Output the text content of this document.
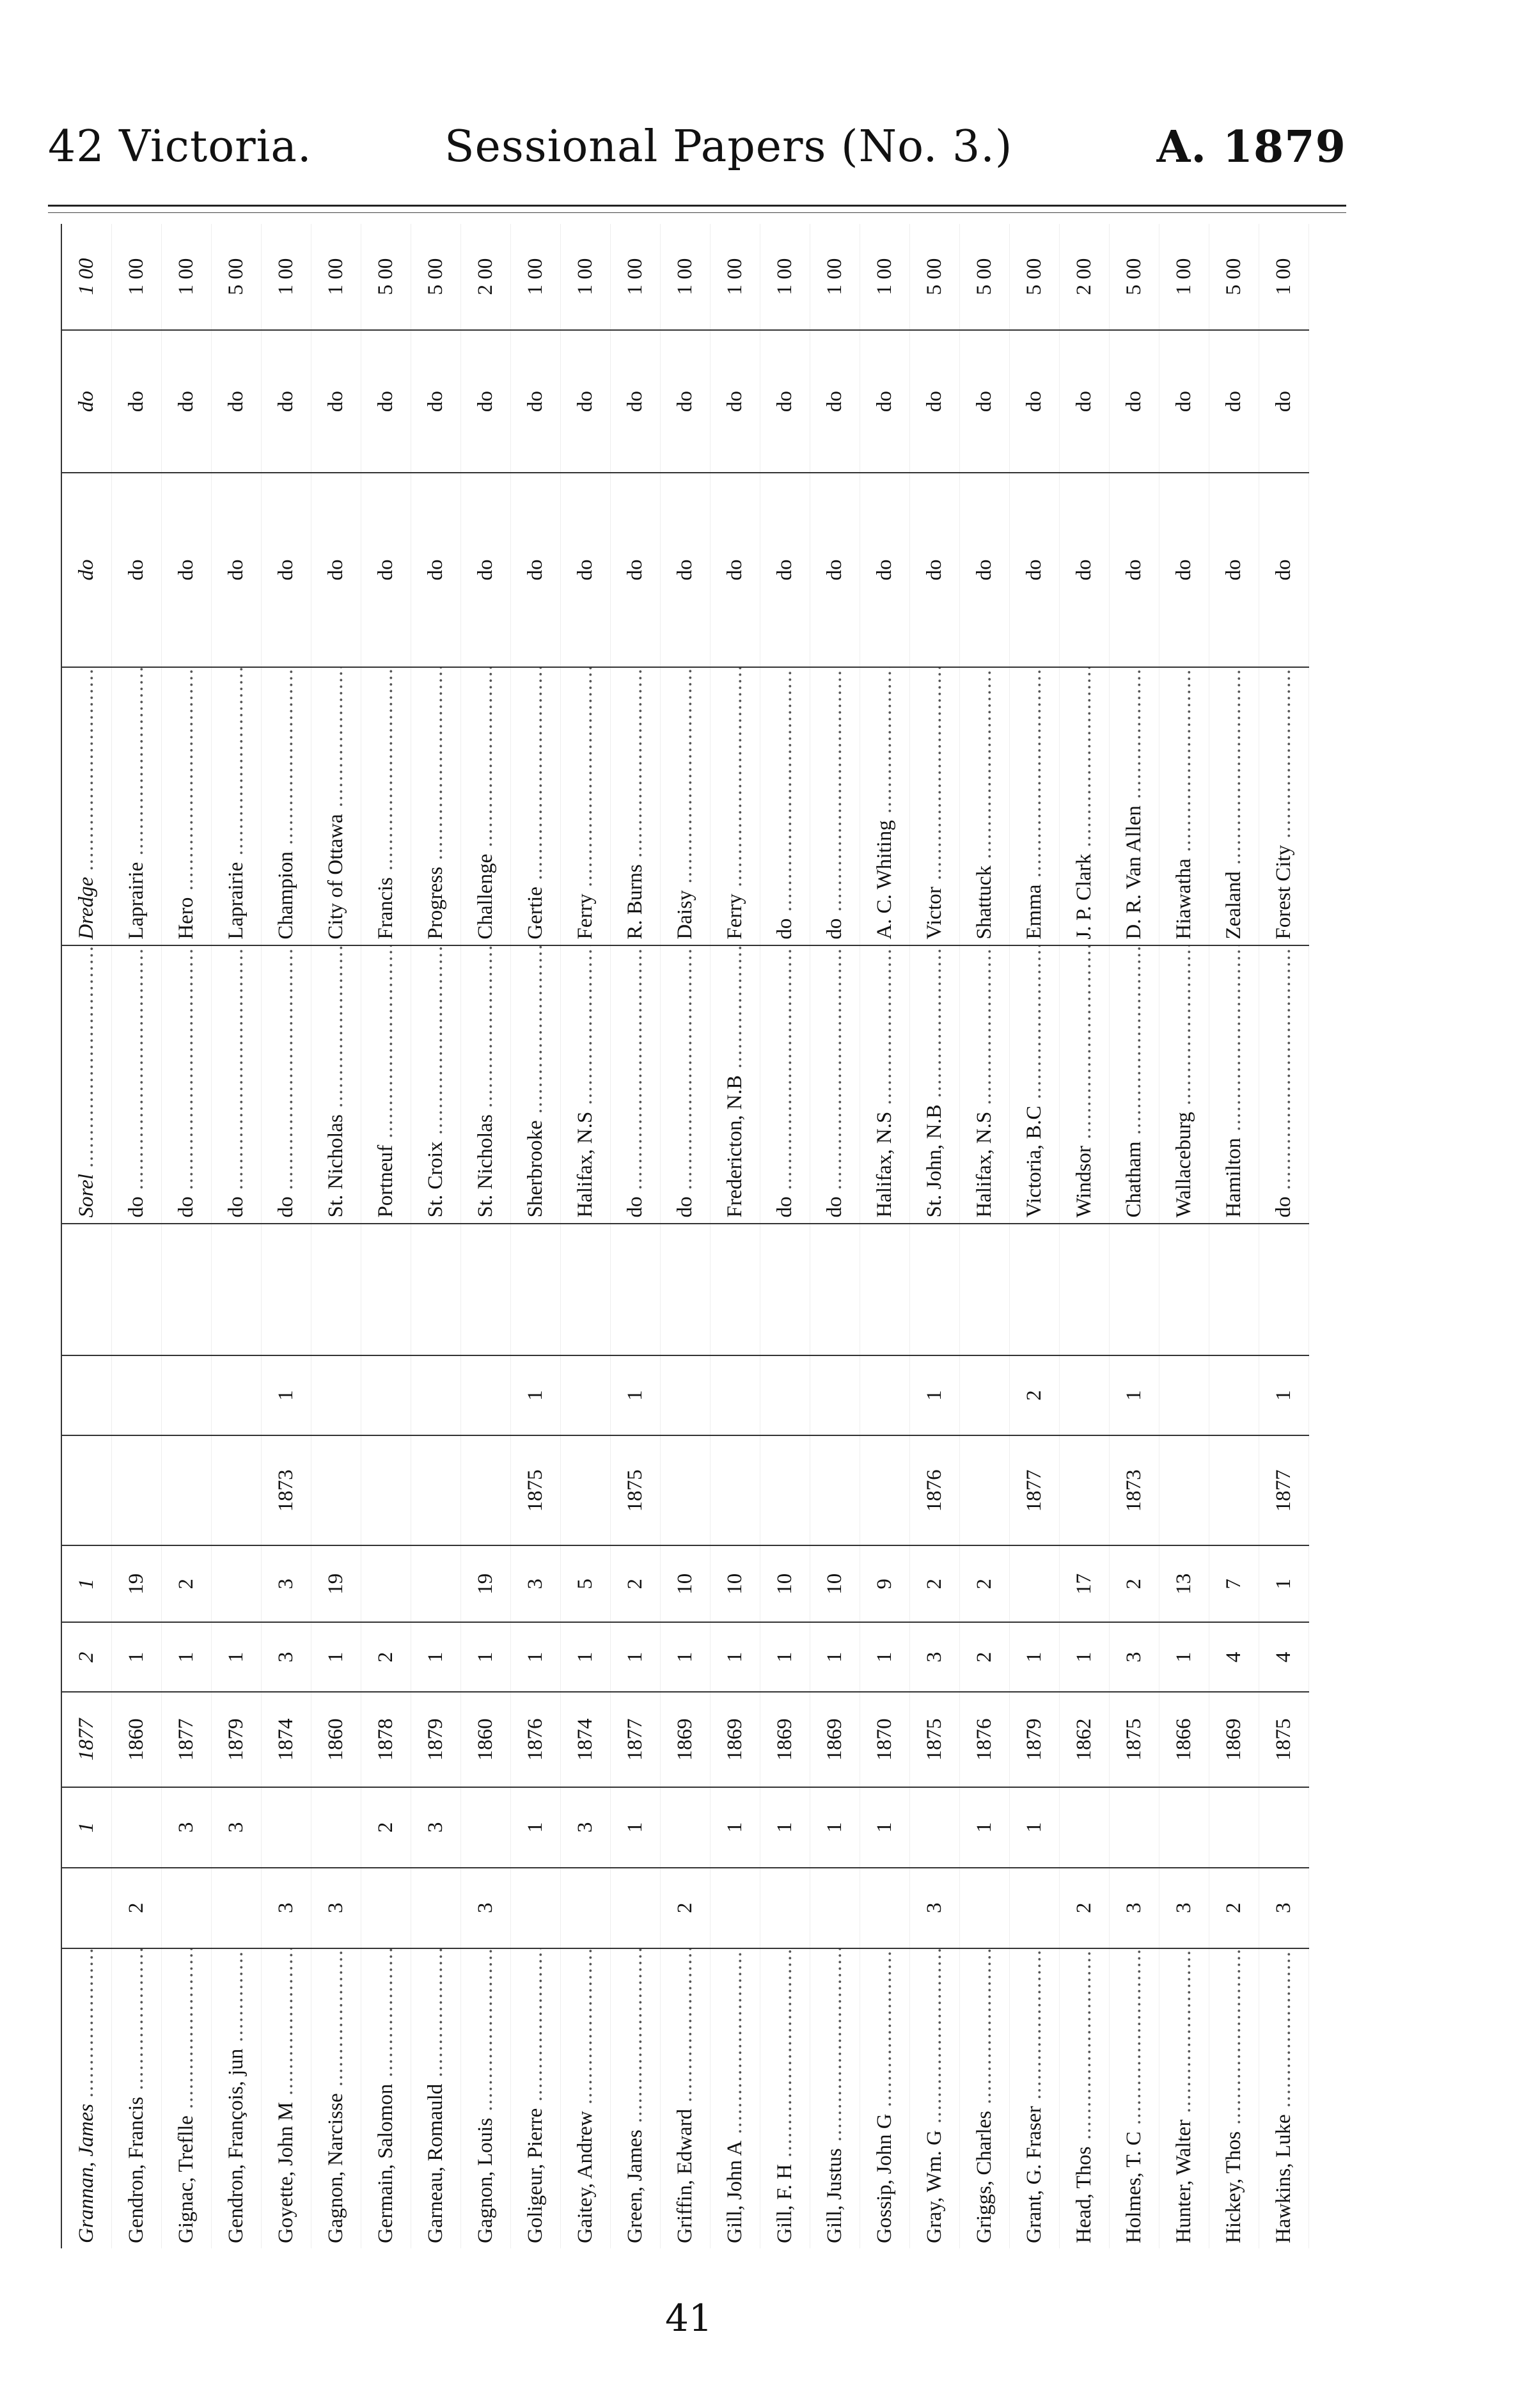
42 Victoria.	Sessional Papers (No. 3.)	A. 1879
Grannan, James .....		1	1877	2	1				Sorel .....	Dredge .....	do	do	1 00
Gendron, Francis .....	2		1860	1	19				do .....	Laprairie .....	do	do	1 00
Gignac, Treflle .....		3	1877	1	2				do .....	Hero .....	do	do	1 00
Gendron, François, jun .....		3	1879	1					do .....	Laprairie .....	do	do	5 00
Goyette, John M .....	3		1874	3	3	1873	1		do .....	Champion .....	do	do	1 00
Gagnon, Narcisse .....	3		1860	1	19				St. Nicholas .....	City of Ottawa .....	do	do	1 00
Germain, Salomon .....		2	1878	2					Portneuf .....	Francis .....	do	do	5 00
Garneau, Romauld .....		3	1879	1					St. Croix .....	Progress .....	do	do	5 00
Gagnon, Louis .....	3		1860	1	19				St. Nicholas .....	Challenge .....	do	do	2 00
Goligeur, Pierre .....		1	1876	1	3	1875	1		Sherbrooke .....	Gertie .....	do	do	1 00
Gaitey, Andrew .....		3	1874	1	5				Halifax, N.S .....	Ferry .....	do	do	1 00
Green, James .....		1	1877	1	2	1875	1		do .....	R. Burns .....	do	do	1 00
Griffin, Edward .....	2		1869	1	10				do .....	Daisy .....	do	do	1 00
Gill, John A .....		1	1869	1	10				Fredericton, N.B .....	Ferry .....	do	do	1 00
Gill, F. H .....		1	1869	1	10				do .....	do .....	do	do	1 00
Gill, Justus .....		1	1869	1	10				do .....	do .....	do	do	1 00
Gossip, John G .....		1	1870	1	9				Halifax, N.S .....	A. C. Whiting .....	do	do	1 00
Gray, Wm. G .....	3		1875	3	2	1876	1		St. John, N.B .....	Victor .....	do	do	5 00
Griggs, Charles .....		1	1876	2	2				Halifax, N.S .....	Shattuck .....	do	do	5 00
Grant, G. Fraser .....		1	1879	1		1877	2		Victoria, B.C .....	Emma .....	do	do	5 00
Head, Thos .....	2		1862	1	17				Windsor .....	J. P. Clark .....	do	do	2 00
Holmes, T. C .....	3		1875	3	2	1873	1		Chatham .....	D. R. Van Allen .....	do	do	5 00
Hunter, Walter .....	3		1866	1	13				Wallaceburg .....	Hiawatha .....	do	do	1 00
Hickey, Thos .....	2		1869	4	7				Hamilton .....	Zealand .....	do	do	5 00
Hawkins, Luke .....	3		1875	4	1	1877	1		do .....	Forest City .....	do	do	1 00
41
